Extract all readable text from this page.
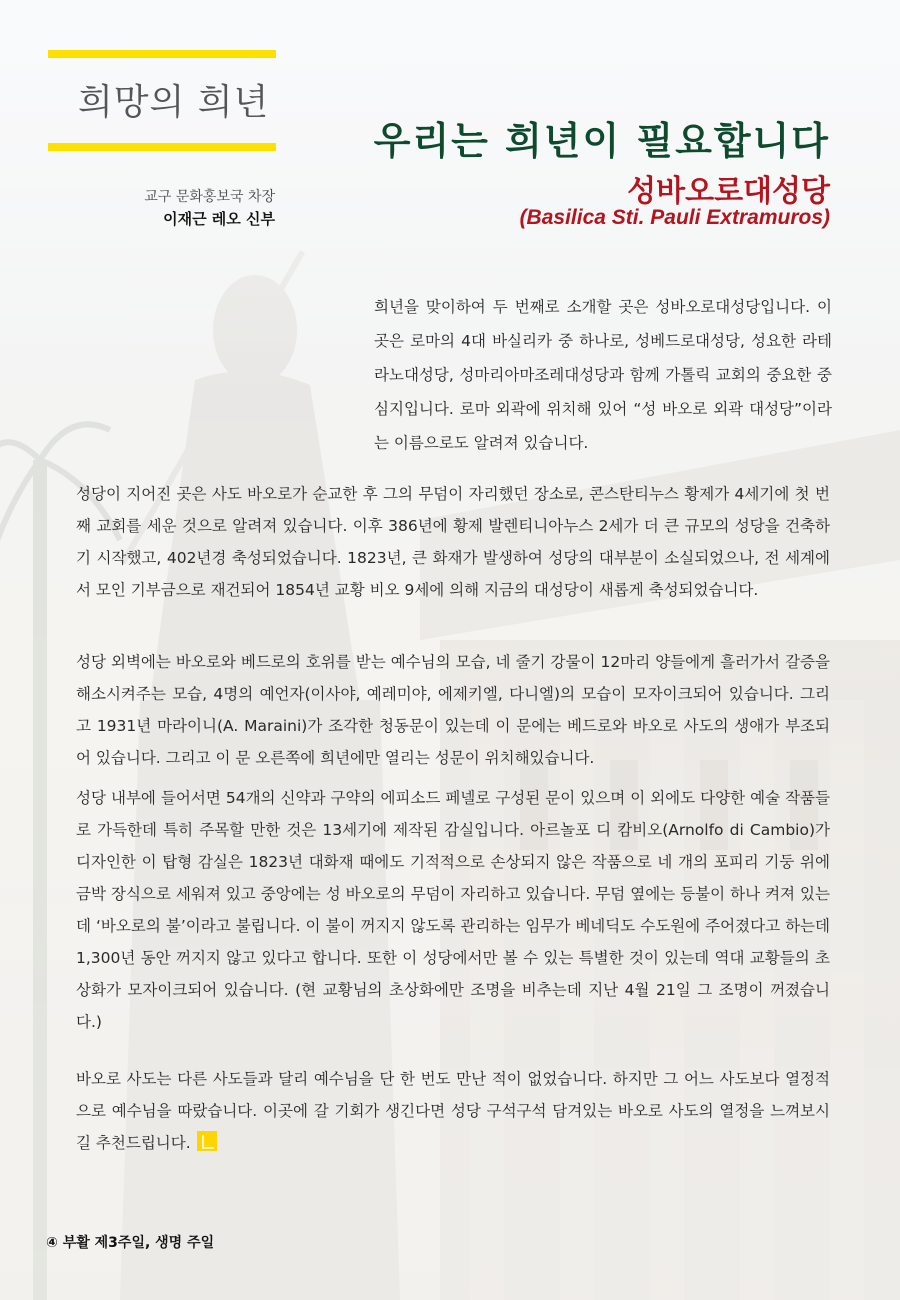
희망의 희년
교구 문화홍보국 차장
이재근 레오 신부
우리는 희년이 필요합니다
성바오로대성당
(Basilica Sti. Pauli Extramuros)
희년을 맞이하여 두 번째로 소개할 곳은 성바오로대성당입니다. 이곳은 로마의 4대 바실리카 중 하나로, 성베드로대성당, 성요한 라테라노대성당, 성마리아마조레대성당과 함께 가톨릭 교회의 중요한 중심지입니다. 로마 외곽에 위치해 있어 “성 바오로 외곽 대성당”이라는 이름으로도 알려져 있습니다.
성당이 지어진 곳은 사도 바오로가 순교한 후 그의 무덤이 자리했던 장소로, 콘스탄티누스 황제가 4세기에 첫 번째 교회를 세운 것으로 알려져 있습니다. 이후 386년에 황제 발렌티니아누스 2세가 더 큰 규모의 성당을 건축하기 시작했고, 402년경 축성되었습니다. 1823년, 큰 화재가 발생하여 성당의 대부분이 소실되었으나, 전 세계에서 모인 기부금으로 재건되어 1854년 교황 비오 9세에 의해 지금의 대성당이 새롭게 축성되었습니다.
성당 외벽에는 바오로와 베드로의 호위를 받는 예수님의 모습, 네 줄기 강물이 12마리 양들에게 흘러가서 갈증을 해소시켜주는 모습, 4명의 예언자(이사야, 예레미야, 에제키엘, 다니엘)의 모습이 모자이크되어 있습니다. 그리고 1931년 마라이니(A. Maraini)가 조각한 청동문이 있는데 이 문에는 베드로와 바오로 사도의 생애가 부조되어 있습니다. 그리고 이 문 오른쪽에 희년에만 열리는 성문이 위치해있습니다.
성당 내부에 들어서면 54개의 신약과 구약의 에피소드 페넬로 구성된 문이 있으며 이 외에도 다양한 예술 작품들로 가득한데 특히 주목할 만한 것은 13세기에 제작된 감실입니다. 아르놀포 디 캄비오(Arnolfo di Cambio)가 디자인한 이 탑형 감실은 1823년 대화재 때에도 기적적으로 손상되지 않은 작품으로 네 개의 포피리 기둥 위에 금박 장식으로 세워져 있고 중앙에는 성 바오로의 무덤이 자리하고 있습니다. 무덤 옆에는 등불이 하나 켜져 있는데 ‘바오로의 불’이라고 불립니다. 이 불이 꺼지지 않도록 관리하는 임무가 베네딕도 수도원에 주어졌다고 하는데 1,300년 동안 꺼지지 않고 있다고 합니다. 또한 이 성당에서만 볼 수 있는 특별한 것이 있는데 역대 교황들의 초상화가 모자이크되어 있습니다. (현 교황님의 초상화에만 조명을 비추는데 지난 4월 21일 그 조명이 꺼졌습니다.)
바오로 사도는 다른 사도들과 달리 예수님을 단 한 번도 만난 적이 없었습니다. 하지만 그 어느 사도보다 열정적으로 예수님을 따랐습니다. 이곳에 갈 기회가 생긴다면 성당 구석구석 담겨있는 바오로 사도의 열정을 느껴보시길 추천드립니다.
④ 부활 제3주일, 생명 주일
